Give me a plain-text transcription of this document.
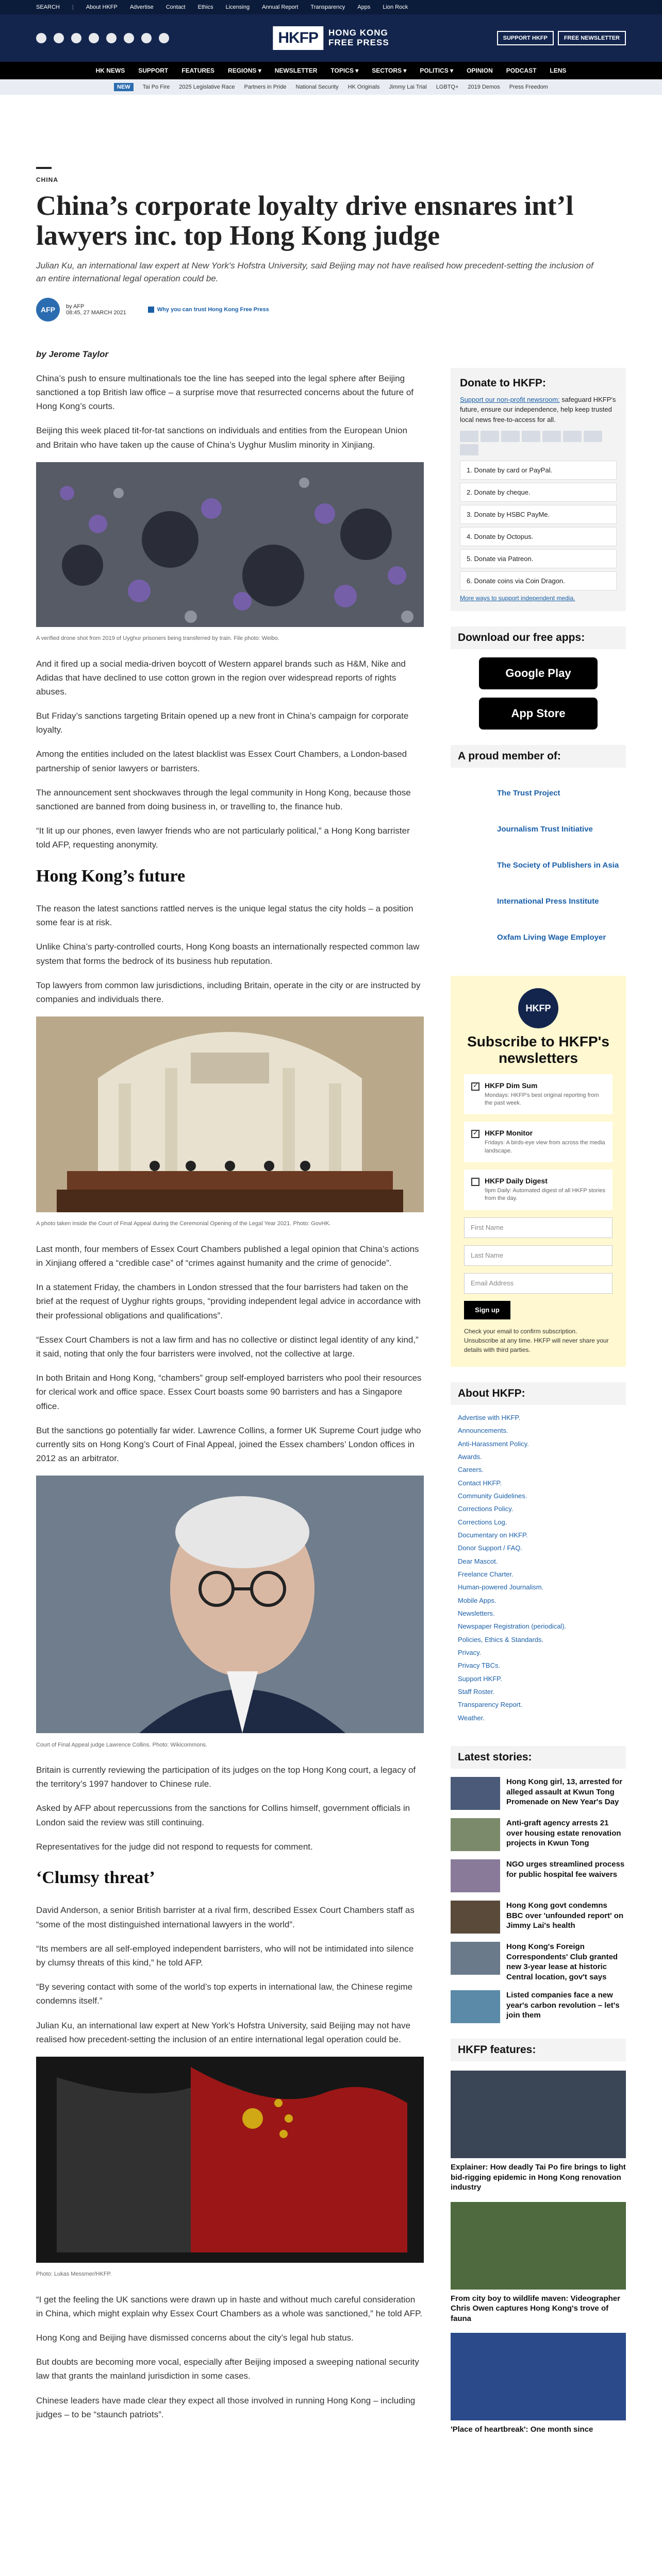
SEARCH | About HKFP Advertise Contact Ethics Licensing Annual Report Transparency Apps Lion Rock
HKFP	HONG KONG
FREE PRESS	SUPPORT HKFP	FREE NEWSLETTER
HK NEWS SUPPORT FEATURES REGIONS ▾ NEWSLETTER TOPICS ▾ SECTORS ▾ POLITICS ▾ OPINION PODCAST LENS
NEW	Tai Po Fire 2025 Legislative Race Partners in Pride National Security HK Originals Jimmy Lai Trial LGBTQ+ 2019 Demos Press Freedom
CHINA
China’s corporate loyalty drive ensnares int’l lawyers inc. top Hong Kong judge

Julian Ku, an international law expert at New York's Hofstra University, said Beijing may not have realised how precedent-setting the inclusion of an entire international legal operation could be.

AFP	by AFP
08:45, 27 MARCH 2021	Why you can trust Hong Kong Free Press

by Jerome Taylor

China’s push to ensure multinationals toe the line has seeped into the legal sphere after Beijing sanctioned a top British law office – a surprise move that resurrected concerns about the future of Hong Kong’s courts.

Beijing this week placed tit-for-tat sanctions on individuals and entities from the European Union and Britain who have taken up the cause of China’s Uyghur Muslim minority in Xinjiang.

A verified drone shot from 2019 of Uyghur prisoners being transferred by train. File photo: Weibo.

And it fired up a social media-driven boycott of Western apparel brands such as H&M, Nike and Adidas that have declined to use cotton grown in the region over widespread reports of rights abuses.

But Friday’s sanctions targeting Britain opened up a new front in China’s campaign for corporate loyalty.

Among the entities included on the latest blacklist was Essex Court Chambers, a London-based partnership of senior lawyers or barristers.

The announcement sent shockwaves through the legal community in Hong Kong, because those sanctioned are banned from doing business in, or travelling to, the finance hub.

“It lit up our phones, even lawyer friends who are not particularly political,” a Hong Kong barrister told AFP, requesting anonymity.

Hong Kong’s future

The reason the latest sanctions rattled nerves is the unique legal status the city holds – a position some fear is at risk.

Unlike China’s party-controlled courts, Hong Kong boasts an internationally respected common law system that forms the bedrock of its business hub reputation.

Top lawyers from common law jurisdictions, including Britain, operate in the city or are instructed by companies and individuals there.

A photo taken inside the Court of Final Appeal during the Ceremonial Opening of the Legal Year 2021. Photo: GovHK.

Last month, four members of Essex Court Chambers published a legal opinion that China’s actions in Xinjiang offered a “credible case” of “crimes against humanity and the crime of genocide”.

In a statement Friday, the chambers in London stressed that the four barristers had taken on the brief at the request of Uyghur rights groups, “providing independent legal advice in accordance with their professional obligations and qualifications”.

“Essex Court Chambers is not a law firm and has no collective or distinct legal identity of any kind,” it said, noting that only the four barristers were involved, not the collective at large.

In both Britain and Hong Kong, “chambers” group self-employed barristers who pool their resources for clerical work and office space. Essex Court boasts some 90 barristers and has a Singapore office.

But the sanctions go potentially far wider. Lawrence Collins, a former UK Supreme Court judge who currently sits on Hong Kong’s Court of Final Appeal, joined the Essex chambers’ London offices in 2012 as an arbitrator.

Court of Final Appeal judge Lawrence Collins. Photo: Wikicommons.

Britain is currently reviewing the participation of its judges on the top Hong Kong court, a legacy of the territory’s 1997 handover to Chinese rule.

Asked by AFP about repercussions from the sanctions for Collins himself, government officials in London said the review was still continuing.

Representatives for the judge did not respond to requests for comment.

‘Clumsy threat’

David Anderson, a senior British barrister at a rival firm, described Essex Court Chambers staff as “some of the most distinguished international lawyers in the world”.

“Its members are all self-employed independent barristers, who will not be intimidated into silence by clumsy threats of this kind,” he told AFP.

“By severing contact with some of the world’s top experts in international law, the Chinese regime condemns itself.”

Julian Ku, an international law expert at New York’s Hofstra University, said Beijing may not have realised how precedent-setting the inclusion of an entire international legal operation could be.

Photo: Lukas Messmer/HKFP.

“I get the feeling the UK sanctions were drawn up in haste and without much careful consideration in China, which might explain why Essex Court Chambers as a whole was sanctioned,” he told AFP.

Hong Kong and Beijing have dismissed concerns about the city’s legal hub status.

But doubts are becoming more vocal, especially after Beijing imposed a sweeping national security law that grants the mainland jurisdiction in some cases.

Chinese leaders have made clear they expect all those involved in running Hong Kong – including judges – to be “staunch patriots”.

Donate to HKFP:

Support our non-profit newsroom: safeguard HKFP's future, ensure our independence, help keep trusted local news free-to-access for all.

1. Donate by card or PayPal.
2. Donate by cheque.
3. Donate by HSBC PayMe.
4. Donate by Octopus.
5. Donate via Patreon.
6. Donate coins via Coin Dragon.
More ways to support independent media.
Download our free apps:
Google Play
App Store
A proud member of:
The Trust Project
Journalism Trust Initiative
The Society of Publishers in Asia
International Press Institute
Oxfam Living Wage Employer
HKFP
Subscribe to HKFP's newsletters
✓
HKFP Dim Sum
Mondays: HKFP's best original reporting from the past week.
✓
HKFP Monitor
Fridays: A birds-eye view from across the media landscape.
HKFP Daily Digest
9pm Daily: Automated digest of all HKFP stories from the day.
First Name
Last Name
Email Address
Sign up

Check your email to confirm subscription. Unsubscribe at any time. HKFP will never share your details with third parties.

About HKFP:
Advertise with HKFP.
Announcements.
Anti-Harassment Policy.
Awards.
Careers.
Contact HKFP.
Community Guidelines.
Corrections Policy.
Corrections Log.
Documentary on HKFP.
Donor Support / FAQ.
Dear Mascot.
Freelance Charter.
Human-powered Journalism.
Mobile Apps.
Newsletters.
Newspaper Registration (periodical).
Policies, Ethics & Standards.
Privacy.
Privacy TBCs.
Support HKFP.
Staff Roster.
Transparency Report.
Weather.
Latest stories:
Hong Kong girl, 13, arrested for alleged assault at Kwun Tong Promenade on New Year's Day
Anti-graft agency arrests 21 over housing estate renovation projects in Kwun Tong
NGO urges streamlined process for public hospital fee waivers
Hong Kong govt condemns BBC over 'unfounded report' on Jimmy Lai's health
Hong Kong's Foreign Correspondents' Club granted new 3-year lease at historic Central location, gov't says
Listed companies face a new year's carbon revolution – let's join them
HKFP features:
Explainer: How deadly Tai Po fire brings to light bid-rigging epidemic in Hong Kong renovation industry
From city boy to wildlife maven: Videographer Chris Owen captures Hong Kong's trove of fauna
'Place of heartbreak': One month since
